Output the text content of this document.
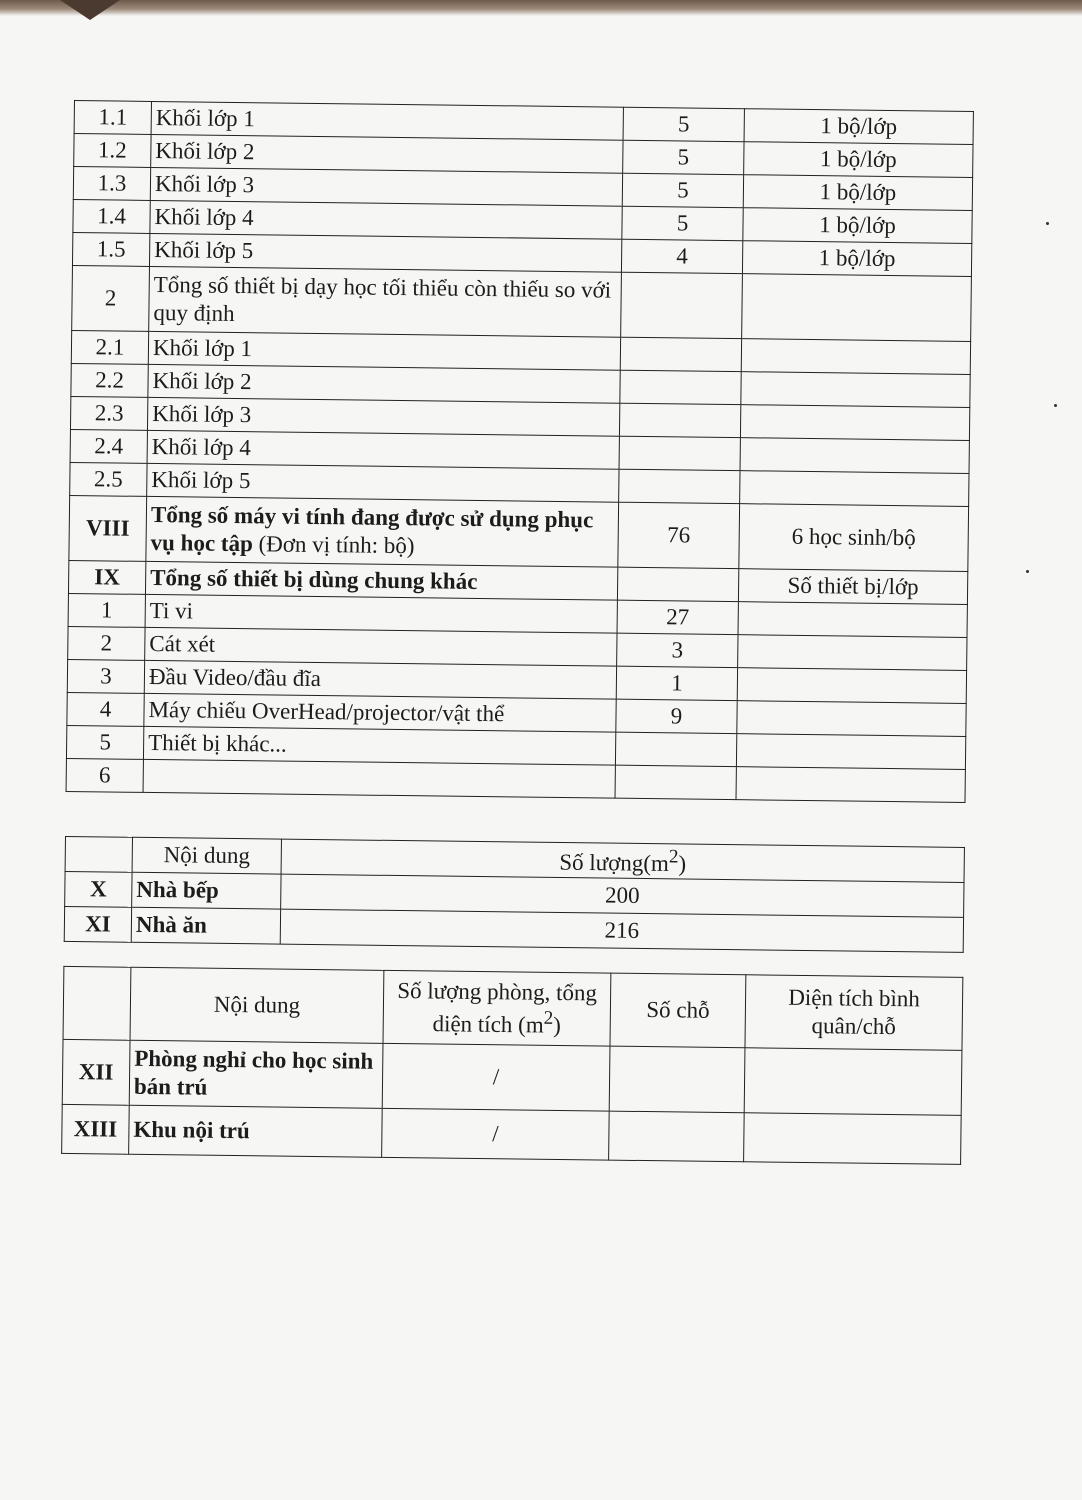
1.1	Khối lớp 1	5	1 bộ/lớp
1.2	Khối lớp 2	5	1 bộ/lớp
1.3	Khối lớp 3	5	1 bộ/lớp
1.4	Khối lớp 4	5	1 bộ/lớp
1.5	Khối lớp 5	4	1 bộ/lớp
2	Tổng số thiết bị dạy học tối thiểu còn thiếu so với quy định		
2.1	Khối lớp 1		
2.2	Khối lớp 2		
2.3	Khối lớp 3		
2.4	Khối lớp 4		
2.5	Khối lớp 5		
VIII	Tổng số máy vi tính đang được sử dụng phục vụ học tập (Đơn vị tính: bộ)	76	6 học sinh/bộ
IX	Tổng số thiết bị dùng chung khác		Số thiết bị/lớp
1	Ti vi	27	
2	Cát xét	3	
3	Đầu Video/đầu đĩa	1	
4	Máy chiếu OverHead/projector/vật thể	9	
5	Thiết bị khác...		
6			
	Nội dung	Số $lượng(m^2)$
X	Nhà bếp	200
XI	Nhà ăn	216
	Nội dung	Số lượng phòng, tổng diện tích $(m^2)$	Số chỗ	Diện tích bình quân/chỗ
XII	Phòng nghỉ cho học sinh bán trú	/		
XIII	Khu nội trú	/		
